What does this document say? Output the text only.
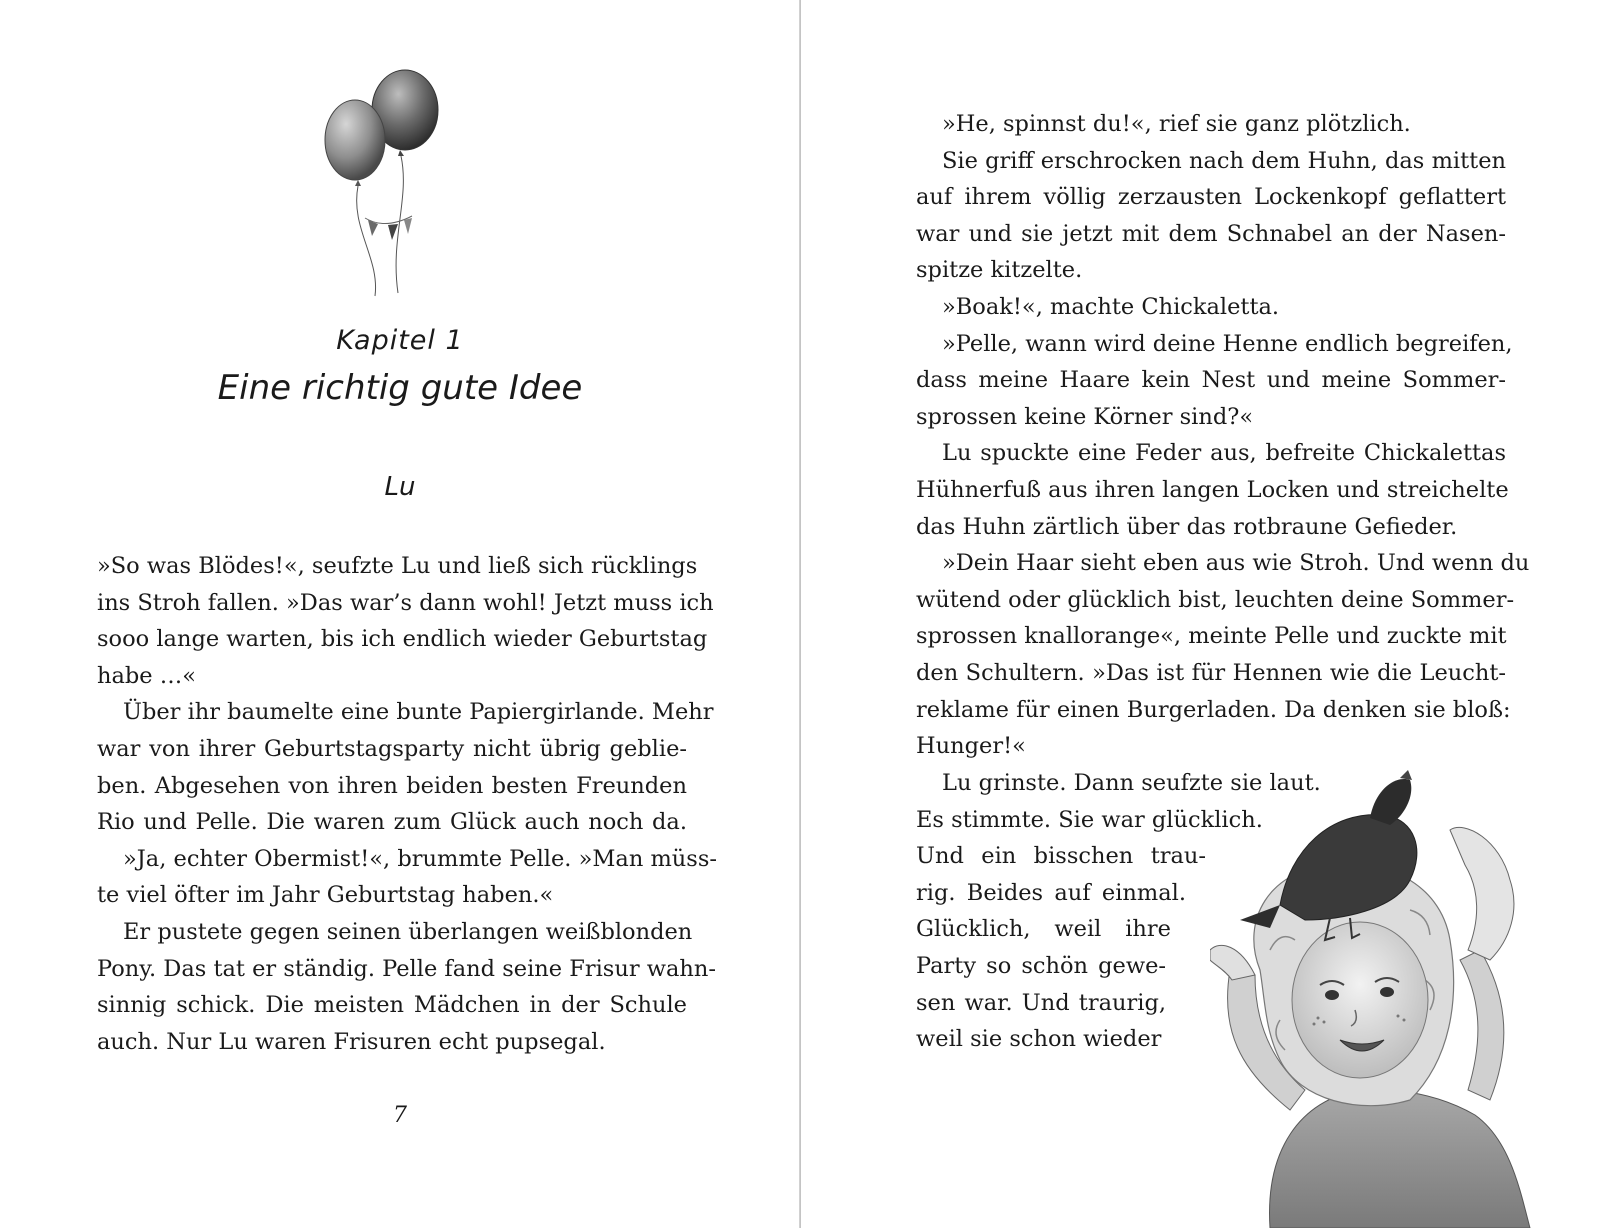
Kapitel 1
Eine richtig gute Idee
Lu
»So was Blödes!«, seufzte Lu und ließ sich rücklings
ins Stroh fallen. »Das war’s dann wohl! Jetzt muss ich
sooo lange warten, bis ich endlich wieder Geburtstag
habe …«
Über ihr baumelte eine bunte Papiergirlande. Mehr
war von ihrer Geburtstagsparty nicht übrig geblie-
ben. Abgesehen von ihren beiden besten Freunden
Rio und Pelle. Die waren zum Glück auch noch da.
»Ja, echter Obermist!«, brummte Pelle. »Man müss-
te viel öfter im Jahr Geburtstag haben.«
Er pustete gegen seinen überlangen weißblonden
Pony. Das tat er ständig. Pelle fand seine Frisur wahn-
sinnig schick. Die meisten Mädchen in der Schule
auch. Nur Lu waren Frisuren echt pupsegal.
7
»He, spinnst du!«, rief sie ganz plötzlich.
Sie griff erschrocken nach dem Huhn, das mitten
auf ihrem völlig zerzausten Lockenkopf geflattert
war und sie jetzt mit dem Schnabel an der Nasen-
spitze kitzelte.
»Boak!«, machte Chickaletta.
»Pelle, wann wird deine Henne endlich begreifen,
dass meine Haare kein Nest und meine Sommer-
sprossen keine Körner sind?«
Lu spuckte eine Feder aus, befreite Chickalettas
Hühnerfuß aus ihren langen Locken und streichelte
das Huhn zärtlich über das rotbraune Gefieder.
»Dein Haar sieht eben aus wie Stroh. Und wenn du
wütend oder glücklich bist, leuchten deine Sommer-
sprossen knallorange«, meinte Pelle und zuckte mit
den Schultern. »Das ist für Hennen wie die Leucht-
reklame für einen Burgerladen. Da denken sie bloß:
Hunger!«
Lu grinste. Dann seufzte sie laut.
Es stimmte. Sie war glücklich.
Und ein bisschen trau-
rig. Beides auf einmal.
Glücklich, weil ihre
Party so schön gewe-
sen war. Und traurig,
weil sie schon wieder
